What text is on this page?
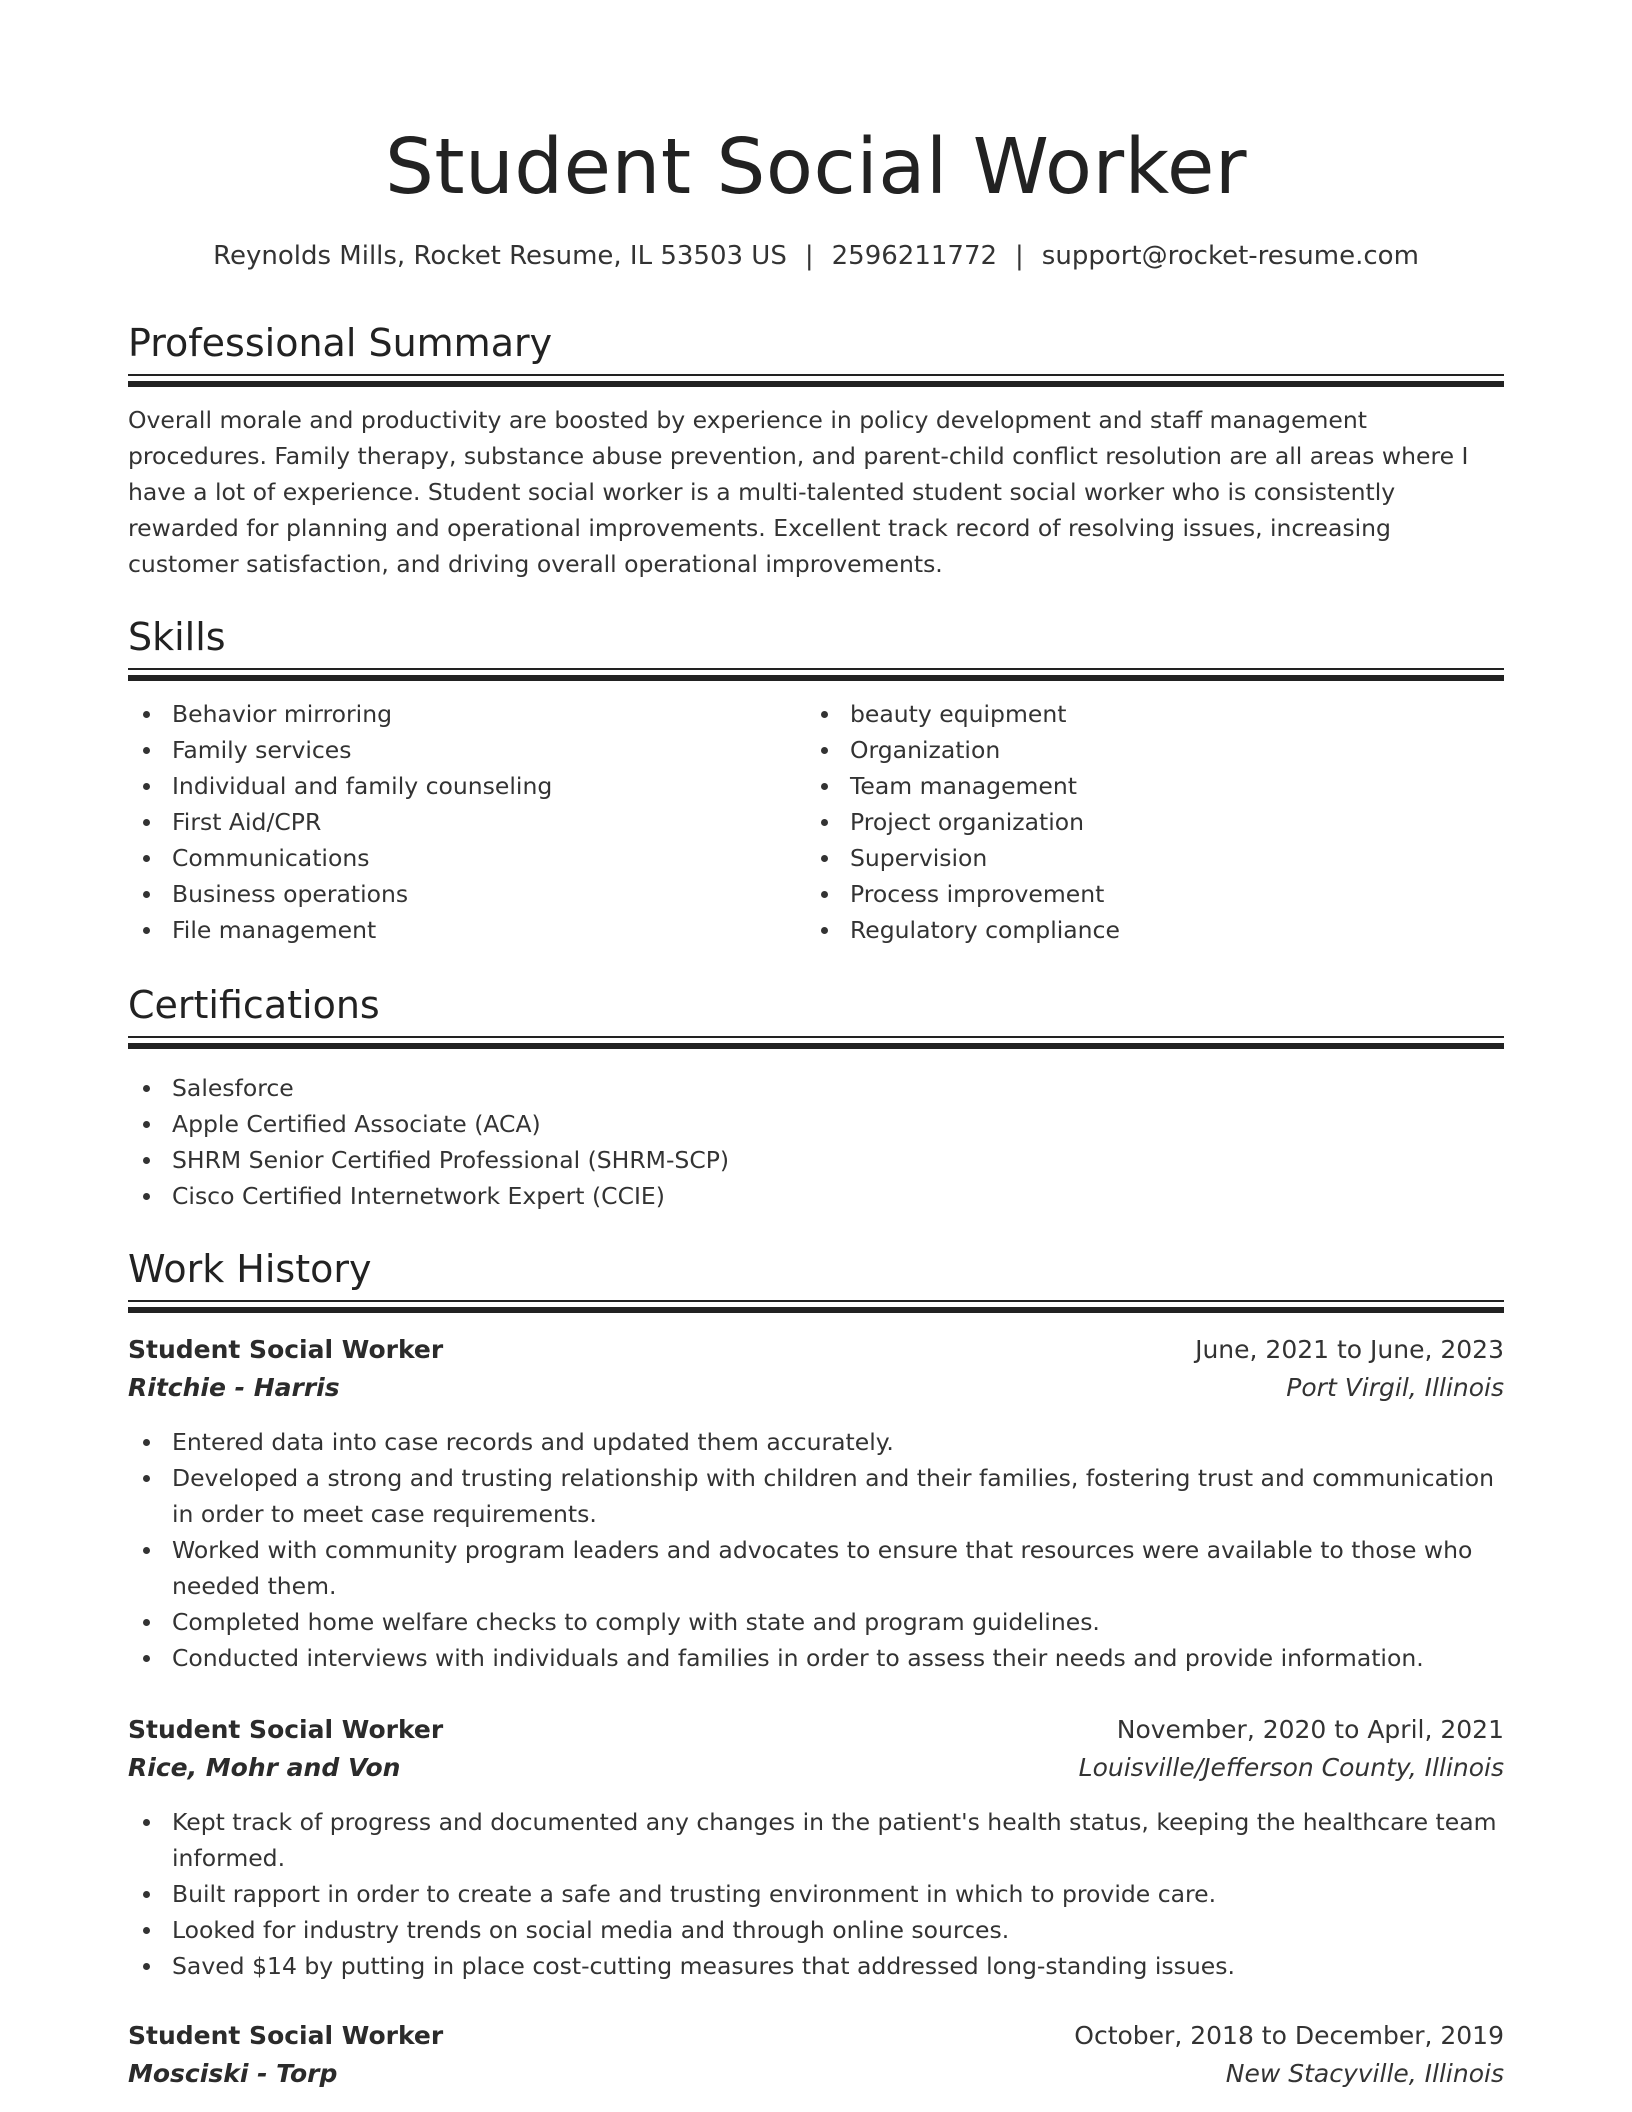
Student Social Worker
Reynolds Mills, Rocket Resume, IL 53503 US | 2596211772 | support@rocket-resume.com
Professional Summary
Overall morale and productivity are boosted by experience in policy development and staff management procedures. Family therapy, substance abuse prevention, and parent-child conflict resolution are all areas where I have a lot of experience. Student social worker is a multi-talented student social worker who is consistently rewarded for planning and operational improvements. Excellent track record of resolving issues, increasing customer satisfaction, and driving overall operational improvements.
Skills
Behavior mirroring
Family services
Individual and family counseling
First Aid/CPR
Communications
Business operations
File management
beauty equipment
Organization
Team management
Project organization
Supervision
Process improvement
Regulatory compliance
Certifications
Salesforce
Apple Certified Associate (ACA)
SHRM Senior Certified Professional (SHRM-SCP)
Cisco Certified Internetwork Expert (CCIE)
Work History
Student Social Worker	June, 2021 to June, 2023
Ritchie - Harris	Port Virgil, Illinois
Entered data into case records and updated them accurately.
Developed a strong and trusting relationship with children and their families, fostering trust and communication in order to meet case requirements.
Worked with community program leaders and advocates to ensure that resources were available to those who needed them.
Completed home welfare checks to comply with state and program guidelines.
Conducted interviews with individuals and families in order to assess their needs and provide information.
Student Social Worker	November, 2020 to April, 2021
Rice, Mohr and Von	Louisville/Jefferson County, Illinois
Kept track of progress and documented any changes in the patient's health status, keeping the healthcare team informed.
Built rapport in order to create a safe and trusting environment in which to provide care.
Looked for industry trends on social media and through online sources.
Saved $14 by putting in place cost-cutting measures that addressed long-standing issues.
Student Social Worker	October, 2018 to December, 2019
Mosciski - Torp	New Stacyville, Illinois
